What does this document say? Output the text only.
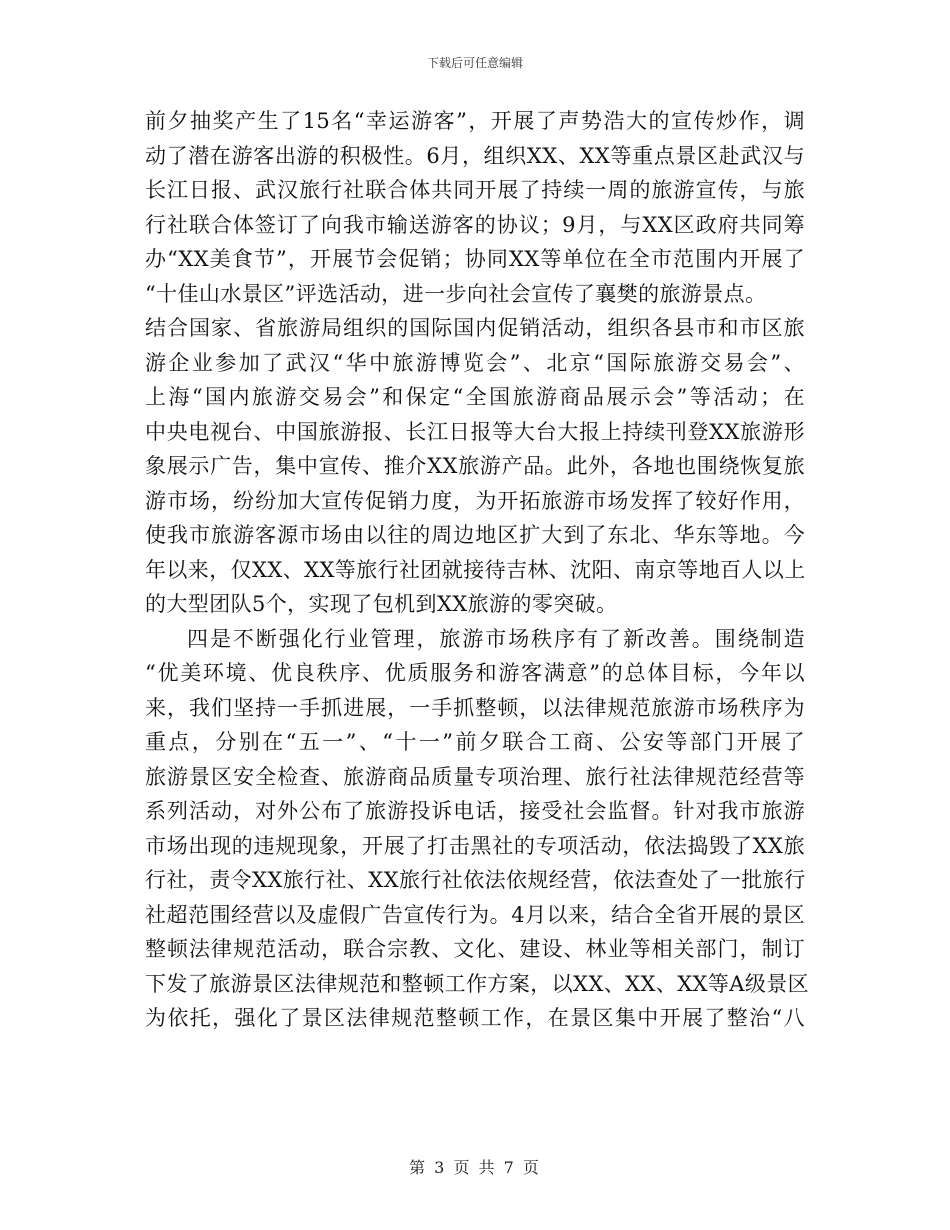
下载后可任意编辑
前夕抽奖产生了15名“幸运游客”，开展了声势浩大的宣传炒作，调
动了潜在游客出游的积极性。6月，组织XX、XX等重点景区赴武汉与
长江日报、武汉旅行社联合体共同开展了持续一周的旅游宣传，与旅
行社联合体签订了向我市输送游客的协议；9月，与XX区政府共同筹
办“XX美食节”，开展节会促销；协同XX等单位在全市范围内开展了
“十佳山水景区”评选活动，进一步向社会宣传了襄樊的旅游景点。
结合国家、省旅游局组织的国际国内促销活动，组织各县市和市区旅
游企业参加了武汉“华中旅游博览会”、北京“国际旅游交易会”、
上海“国内旅游交易会”和保定“全国旅游商品展示会”等活动；在
中央电视台、中国旅游报、长江日报等大台大报上持续刊登XX旅游形
象展示广告，集中宣传、推介XX旅游产品。此外，各地也围绕恢复旅
游市场，纷纷加大宣传促销力度，为开拓旅游市场发挥了较好作用，
使我市旅游客源市场由以往的周边地区扩大到了东北、华东等地。今
年以来，仅XX、XX等旅行社团就接待吉林、沈阳、南京等地百人以上
的大型团队5个，实现了包机到XX旅游的零突破。
四是不断强化行业管理，旅游市场秩序有了新改善。围绕制造
“优美环境、优良秩序、优质服务和游客满意”的总体目标，今年以
来，我们坚持一手抓进展，一手抓整顿，以法律规范旅游市场秩序为
重点，分别在“五一”、“十一”前夕联合工商、公安等部门开展了
旅游景区安全检查、旅游商品质量专项治理、旅行社法律规范经营等
系列活动，对外公布了旅游投诉电话，接受社会监督。针对我市旅游
市场出现的违规现象，开展了打击黑社的专项活动，依法捣毁了XX旅
行社，责令XX旅行社、XX旅行社依法依规经营，依法查处了一批旅行
社超范围经营以及虚假广告宣传行为。4月以来，结合全省开展的景区
整顿法律规范活动，联合宗教、文化、建设、林业等相关部门，制订
下发了旅游景区法律规范和整顿工作方案，以XX、XX、XX等A级景区
为依托，强化了景区法律规范整顿工作，在景区集中开展了整治“八
第 3 页 共 7 页
